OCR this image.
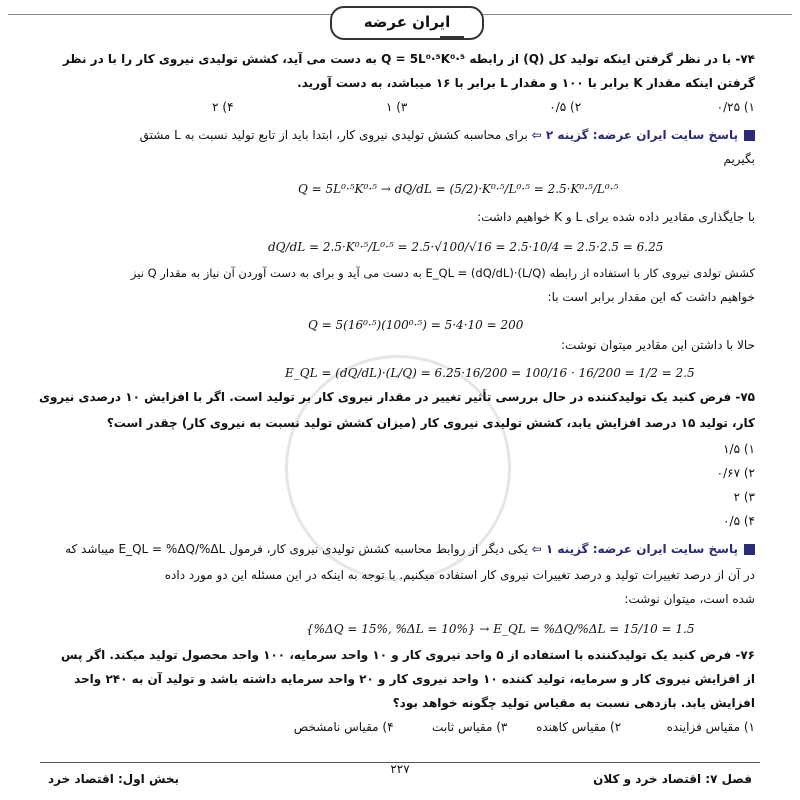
ایران عرضه
۷۴- با در نظر گرفتن اینکه تولید کل (Q) از رابطه Q = 5L⁰·⁵K⁰·⁵ به دست می آید، کشش تولیدی نیروی کار را با در نظر
گرفتن اینکه مقدار K برابر با ۱۰۰ و مقدار L برابر با ۱۶ میباشد، به دست آورید.
۱) ۰/۲۵ ۲) ۰/۵ ۳) ۱ ۴) ۲
پاسخ سایت ایران عرضه: گزینه ۲ ⇦ برای محاسبه کشش تولیدی نیروی کار، ابتدا باید از تابع تولید نسبت به L مشتق
بگیریم
Q = 5L⁰·⁵K⁰·⁵ → dQ/dL = (5/2)·K⁰·⁵/L⁰·⁵ = 2.5·K⁰·⁵/L⁰·⁵
با جایگذاری مقادیر داده شده برای L و K خواهیم داشت:
dQ/dL = 2.5·K⁰·⁵/L⁰·⁵ = 2.5·√100/√16 = 2.5·10/4 = 2.5·2.5 = 6.25
کشش تولدی نیروی کار با استفاده از رابطه E_QL = (dQ/dL)·(L/Q) به دست می آید و برای به دست آوردن آن نیاز به مقدار Q نیز
خواهیم داشت که این مقدار برابر است با:
Q = 5(16⁰·⁵)(100⁰·⁵) = 5·4·10 = 200
حالا با داشتن این مقادیر میتوان نوشت:
E_QL = (dQ/dL)·(L/Q) = 6.25·16/200 = 100/16 · 16/200 = 1/2 = 2.5
۷۵- فرض کنید یک تولیدکننده در حال بررسی تأثیر تغییر در مقدار نیروی کار بر تولید است. اگر با افزایش ۱۰ درصدی نیروی
کار، تولید ۱۵ درصد افزایش یابد، کشش تولیدی نیروی کار (میزان کشش تولید نسبت به نیروی کار) چقدر است؟
۱) ۱/۵
۲) ۰/۶۷
۳) ۲
۴) ۰/۵
پاسخ سایت ایران عرضه: گزینه ۱ ⇦ یکی دیگر از روابط محاسبه کشش تولیدی نیروی کار، فرمول E_QL = %ΔQ/%ΔL میباشد که
در آن از درصد تغییرات تولید و درصد تغییرات نیروی کار استفاده میکنیم. با توجه به اینکه در این مسئله این دو مورد داده
شده است، میتوان نوشت:
{%ΔQ = 15%, %ΔL = 10%} → E_QL = %ΔQ/%ΔL = 15/10 = 1.5
۷۶- فرض کنید یک تولیدکننده با استفاده از ۵ واحد نیروی کار و ۱۰ واحد سرمایه، ۱۰۰ واحد محصول تولید میکند. اگر پس
از افزایش نیروی کار و سرمایه، تولید کننده ۱۰ واحد نیروی کار و ۲۰ واحد سرمایه داشته باشد و تولید آن به ۲۴۰ واحد
افزایش یابد. بازدهی نسبت به مقیاس تولید چگونه خواهد بود؟
۱) مقیاس فزاینده ۲) مقیاس کاهنده ۳) مقیاس ثابت ۴) مقیاس نامشخص
۲۲۷
فصل ۷: اقتصاد خرد و کلان
بخش اول: اقتصاد خرد
